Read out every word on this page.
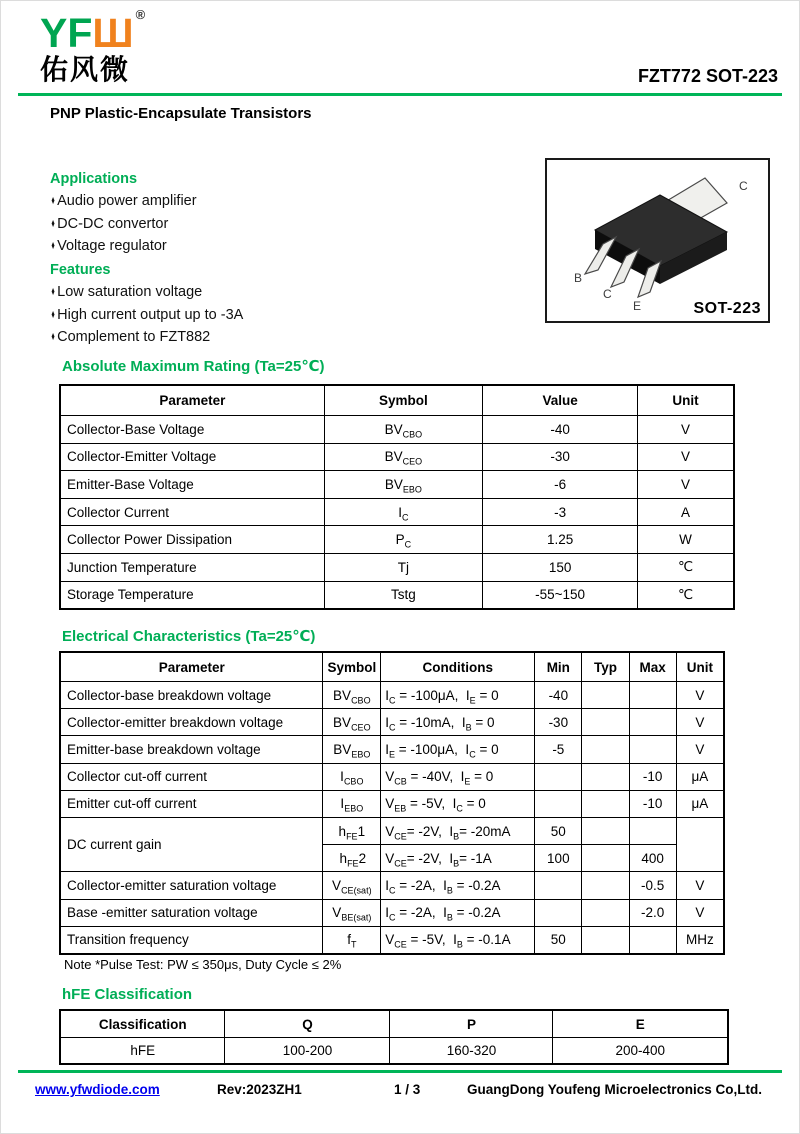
YFШ ®
佑风微	FZT772 SOT-223
PNP Plastic-Encapsulate Transistors
Applications
♦ Audio power amplifier
♦ DC-DC convertor
♦ Voltage regulator
Features
♦ Low saturation voltage
♦ High current output up to -3A
♦ Complement to FZT882
B
C
E
C
SOT-223
Absolute Maximum Rating (Ta=25℃)
Parameter	Symbol	Value	Unit
Collector-Base Voltage	$BV_{CBO}$	-40	V
Collector-Emitter Voltage	$BV_{CEO}$	-30	V
Emitter-Base Voltage	$BV_{EBO}$	-6	V
Collector Current	$I_C$	-3	A
Collector Power Dissipation	$P_C$	1.25	W
Junction Temperature	Tj	150	℃
Storage Temperature	Tstg	-55~150	℃
Electrical Characteristics (Ta=25℃)
Parameter	Symbol	Conditions	Min	Typ	Max	Unit
Collector-base breakdown voltage	$BV_{CBO}$	$I_C = -100\mu A$,  $I_E = 0$	-40			V
Collector-emitter breakdown voltage	$BV_{CEO}$	$I_C = -10mA$,  $I_B = 0$	-30			V
Emitter-base breakdown voltage	$BV_{EBO}$	$I_E = -100\mu A$,  $I_C = 0$	-5			V
Collector cut-off current	$I_{CBO}$	$V_{CB} = -40V$,  $I_E = 0$			-10	μA
Emitter cut-off current	$I_{EBO}$	$V_{EB} = -5V$,  $I_C = 0$			-10	μA
DC current gain	$h_{FE}1$	$V_{CE}= -2V$,  $I_B= -20mA$	50			
	$h_{FE}2$	$V_{CE}= -2V$,  $I_B= -1A$	100		400	
Collector-emitter saturation voltage	$V_{CE(sat)}$	$I_C = -2A$,  $I_B = -0.2A$			-0.5	V
Base -emitter saturation voltage	$V_{BE(sat)}$	$I_C = -2A$,  $I_B = -0.2A$			-2.0	V
Transition frequency	$f_T$	$V_{CE} = -5V$,  $I_B = -0.1A$	50			MHz
Note *Pulse Test: PW ≤ 350μs, Duty Cycle ≤ 2%
hFE Classification
Classification	Q	P	E
hFE	100-200	160-320	200-400
www.yfwdiode.com	Rev:2023ZH1	1 / 3	GuangDong Youfeng Microelectronics Co,Ltd.
